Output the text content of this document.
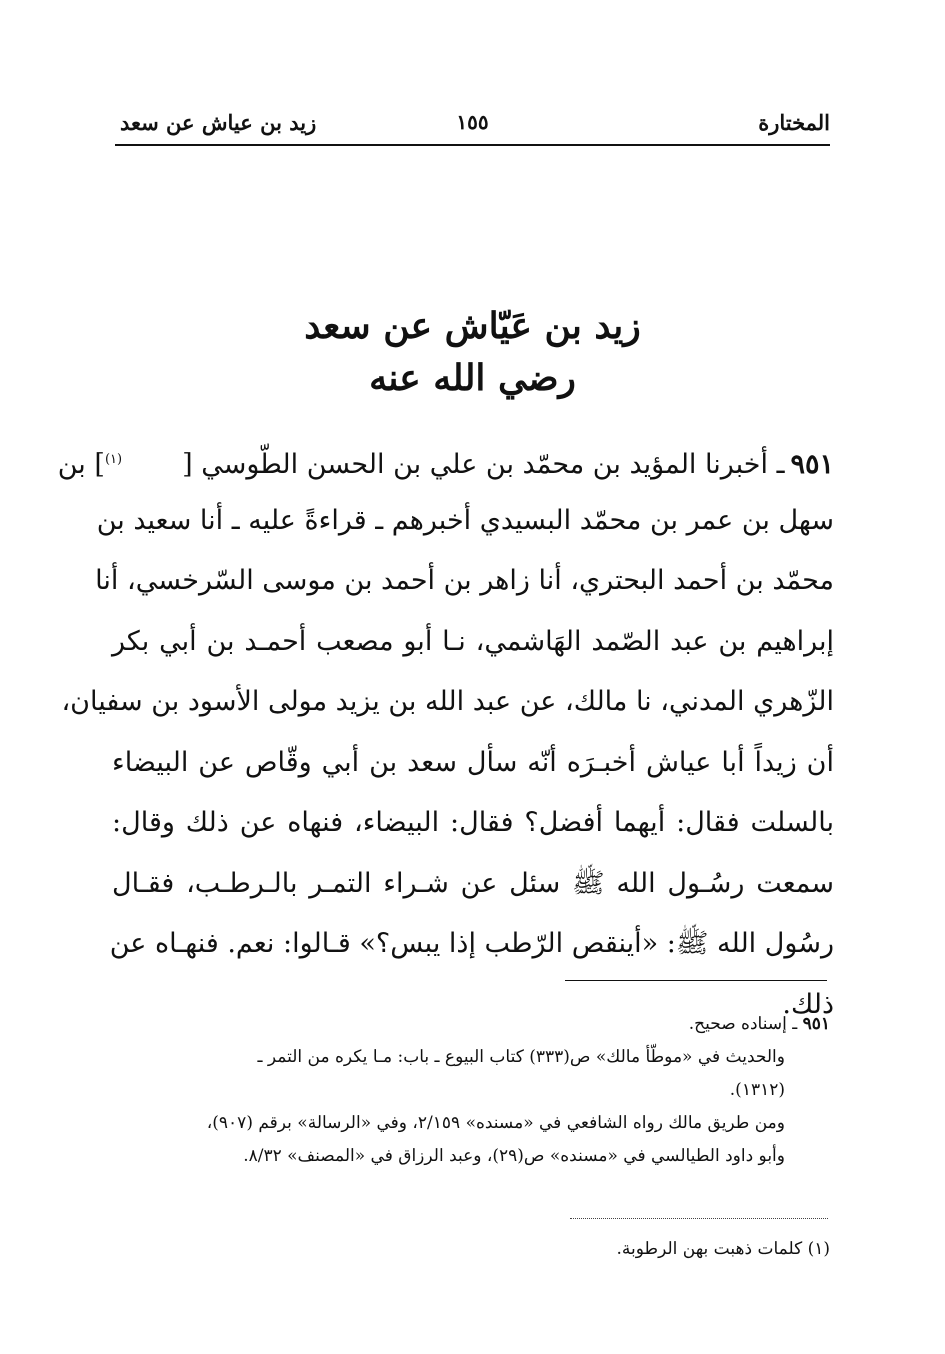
المختارة
١٥٥
زيد بن عياش عن سعد
زيد بن عَيّاش عن سعد
رضي الله عنه
٩٥١ـ أخبرنا المؤيد بن محمّد بن علي بن الحسن الطّوسي [$^{(١)}$] بن
سهل بن عمر بن محمّد البسيدي أخبرهم ـ قراءةً عليه ـ أنا سعيد بن
محمّد بن أحمد البحتري، أنا زاهر بن أحمد بن موسى السّرخسي، أنا
إبراهيم بن عبد الصّمد الهَاشمي، نـا أبو مصعب أحمـد بن أبي بكر
الزّهري المدني، نا مالك، عن عبد الله بن يزيد مولى الأسود بن سفيان،
أن زيداً أبا عياش أخبـرَه أنّه سأل سعد بن أبي وقّاص عن البيضاء
بالسلت فقال: أيهما أفضل؟ فقال: البيضاء، فنهاه عن ذلك وقال:
سمعت رسُـول الله ﷺ سئل عن شـراء التمـر بالـرطـب، فقـال
رسُول الله ﷺ: «أينقص الرّطب إذا يبس؟» قـالوا: نعم. فنهـاه عن
ذلك.
٩٥١ ـ إسناده صحيح.
والحديث في «موطّأ مالك» ص(٣٣٣) كتاب البيوع ـ باب: مـا يكره من التمر ـ
(١٣١٢).
ومن طريق مالك رواه الشافعي في «مسنده» ٢/١٥٩، وفي «الرسالة» برقم (٩٠٧)،
وأبو داود الطيالسي في «مسنده» ص(٢٩)، وعبد الرزاق في «المصنف» ٨/٣٢.
(١) كلمات ذهبت بهن الرطوبة.
